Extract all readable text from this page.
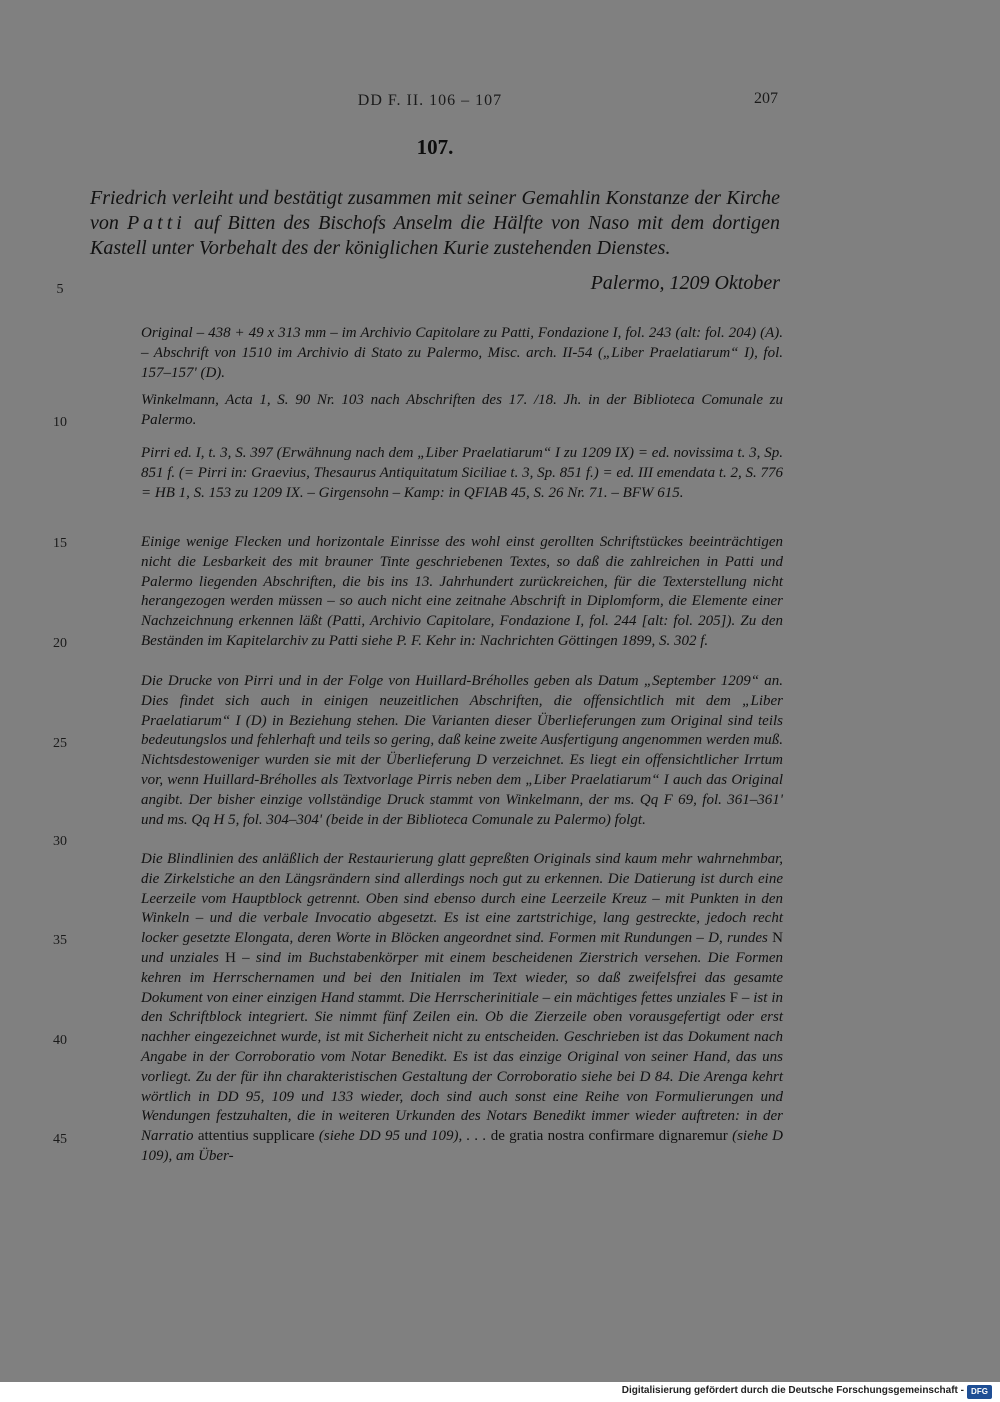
DD F. II. 106 – 107	207
107.
Friedrich verleiht und bestätigt zusammen mit seiner Gemahlin Konstanze der Kirche von Patti auf Bitten des Bischofs Anselm die Hälfte von Naso mit dem dortigen Kastell unter Vorbehalt des der königlichen Kurie zustehenden Dienstes.
Palermo, 1209 Oktober
5
10
15
20
25
30
35
40
45
Original – 438 + 49 x 313 mm – im Archivio Capitolare zu Patti, Fondazione I, fol. 243 (alt: fol. 204) (A). – Abschrift von 1510 im Archivio di Stato zu Palermo, Misc. arch. II-54 („Liber Praelatiarum“ I), fol. 157–157' (D).
Winkelmann, Acta 1, S. 90 Nr. 103 nach Abschriften des 17. /18. Jh. in der Biblioteca Comunale zu Palermo.
Pirri ed. I, t. 3, S. 397 (Erwähnung nach dem „Liber Praelatiarum“ I zu 1209 IX) = ed. novissima t. 3, Sp. 851 f. (= Pirri in: Graevius, Thesaurus Antiquitatum Siciliae t. 3, Sp. 851 f.) = ed. III emendata t. 2, S. 776 = HB 1, S. 153 zu 1209 IX. – Girgensohn – Kamp: in QFIAB 45, S. 26 Nr. 71. – BFW 615.
Einige wenige Flecken und horizontale Einrisse des wohl einst gerollten Schriftstückes beeinträchtigen nicht die Lesbarkeit des mit brauner Tinte geschriebenen Textes, so daß die zahlreichen in Patti und Palermo liegenden Abschriften, die bis ins 13. Jahrhundert zurückreichen, für die Texterstellung nicht herangezogen werden müssen – so auch nicht eine zeitnahe Abschrift in Diplomform, die Elemente einer Nachzeichnung erkennen läßt (Patti, Archivio Capitolare, Fondazione I, fol. 244 [alt: fol. 205]). Zu den Beständen im Kapitelarchiv zu Patti siehe P. F. Kehr in: Nachrichten Göttingen 1899, S. 302 f.
Die Drucke von Pirri und in der Folge von Huillard-Bréholles geben als Datum „September 1209“ an. Dies findet sich auch in einigen neuzeitlichen Abschriften, die offensichtlich mit dem „Liber Praelatiarum“ I (D) in Beziehung stehen. Die Varianten dieser Überlieferungen zum Original sind teils bedeutungslos und fehlerhaft und teils so gering, daß keine zweite Ausfertigung angenommen werden muß. Nichtsdestoweniger wurden sie mit der Überlieferung D verzeichnet. Es liegt ein offensichtlicher Irrtum vor, wenn Huillard-Bréholles als Textvorlage Pirris neben dem „Liber Praelatiarum“ I auch das Original angibt. Der bisher einzige vollständige Druck stammt von Winkelmann, der ms. Qq F 69, fol. 361–361' und ms. Qq H 5, fol. 304–304' (beide in der Biblioteca Comunale zu Palermo) folgt.
Die Blindlinien des anläßlich der Restaurierung glatt gepreßten Originals sind kaum mehr wahrnehmbar, die Zirkelstiche an den Längsrändern sind allerdings noch gut zu erkennen. Die Datierung ist durch eine Leerzeile vom Hauptblock getrennt. Oben sind ebenso durch eine Leerzeile Kreuz – mit Punkten in den Winkeln – und die verbale Invocatio abgesetzt. Es ist eine zartstrichige, lang gestreckte, jedoch recht locker gesetzte Elongata, deren Worte in Blöcken angeordnet sind. Formen mit Rundungen – D, rundes N und unziales H – sind im Buchstabenkörper mit einem bescheidenen Zierstrich versehen. Die Formen kehren im Herrschernamen und bei den Initialen im Text wieder, so daß zweifelsfrei das gesamte Dokument von einer einzigen Hand stammt. Die Herrscherinitiale – ein mächtiges fettes unziales F – ist in den Schriftblock integriert. Sie nimmt fünf Zeilen ein. Ob die Zierzeile oben vorausgefertigt oder erst nachher eingezeichnet wurde, ist mit Sicherheit nicht zu entscheiden. Geschrieben ist das Dokument nach Angabe in der Corroboratio vom Notar Benedikt. Es ist das einzige Original von seiner Hand, das uns vorliegt. Zu der für ihn charakteristischen Gestaltung der Corroboratio siehe bei D 84. Die Arenga kehrt wörtlich in DD 95, 109 und 133 wieder, doch sind auch sonst eine Reihe von Formulierungen und Wendungen festzuhalten, die in weiteren Urkunden des Notars Benedikt immer wieder auftreten: in der Narratio attentius supplicare (siehe DD 95 und 109), . . . de gratia nostra confirmare dignaremur (siehe D 109), am Über-
Digitalisierung gefördert durch die Deutsche Forschungsgemeinschaft - DFG
